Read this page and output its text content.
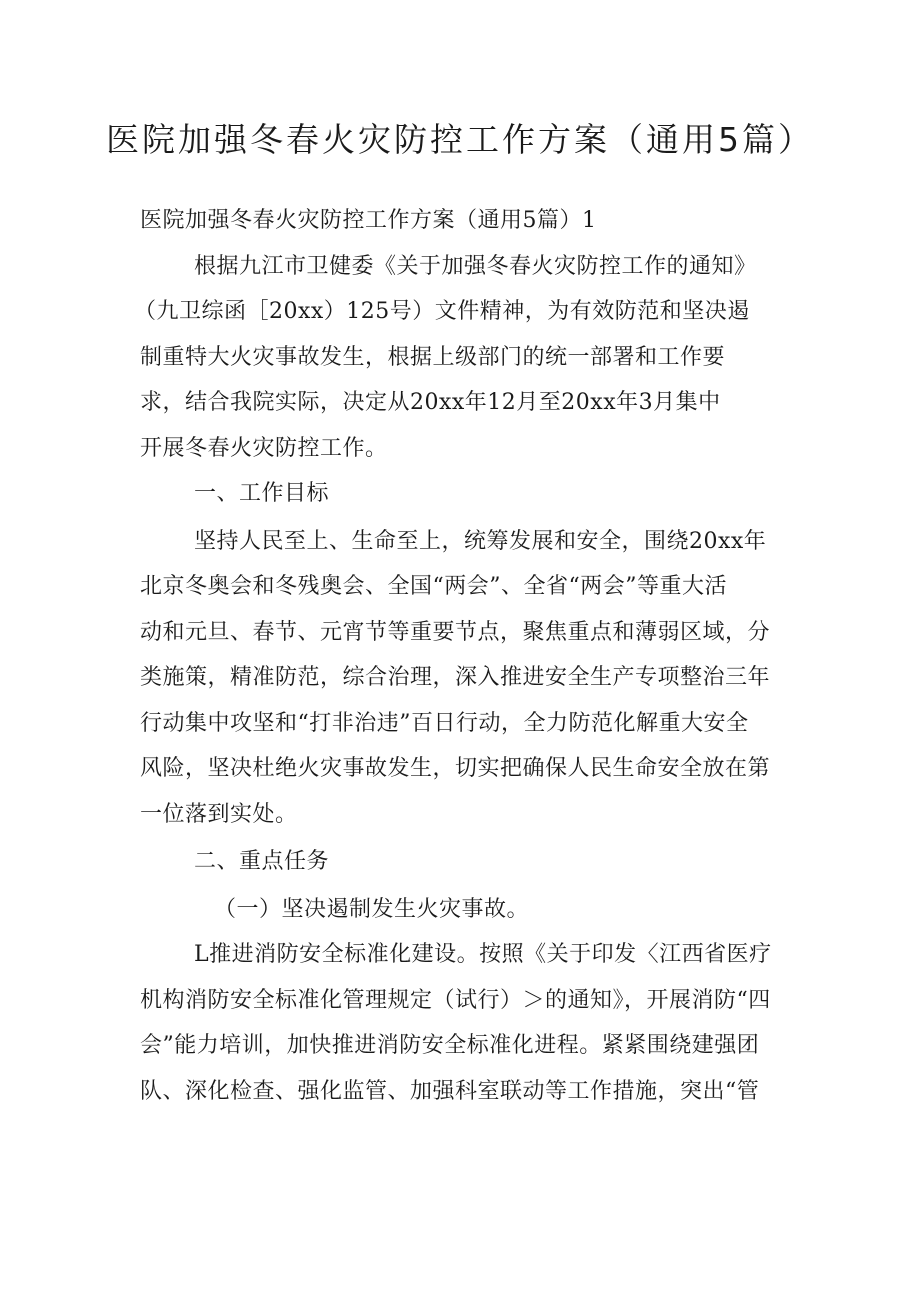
医院加强冬春火灾防控工作方案（通用5篇）

医院加强冬春火灾防控工作方案（通用5篇）1

根据九江市卫健委《关于加强冬春火灾防控工作的通知》

（九卫综函［20xx）125号）文件精神，为有效防范和坚决遏

制重特大火灾事故发生，根据上级部门的统一部署和工作要

求，结合我院实际，决定从20xx年12月至20xx年3月集中

开展冬春火灾防控工作。

一、工作目标

坚持人民至上、生命至上，统筹发展和安全，围绕20xx年

北京冬奥会和冬残奥会、全国“两会”、全省“两会”等重大活

动和元旦、春节、元宵节等重要节点，聚焦重点和薄弱区域，分

类施策，精准防范，综合治理，深入推进安全生产专项整治三年

行动集中攻坚和“打非治违”百日行动，全力防范化解重大安全

风险，坚决杜绝火灾事故发生，切实把确保人民生命安全放在第

一位落到实处。

二、重点任务

（一）坚决遏制发生火灾事故。

L推进消防安全标准化建设。按照《关于印发〈江西省医疗

机构消防安全标准化管理规定（试行）＞的通知》，开展消防“四

会”能力培训，加快推进消防安全标准化进程。紧紧围绕建强团

队、深化检查、强化监管、加强科室联动等工作措施，突出“管
